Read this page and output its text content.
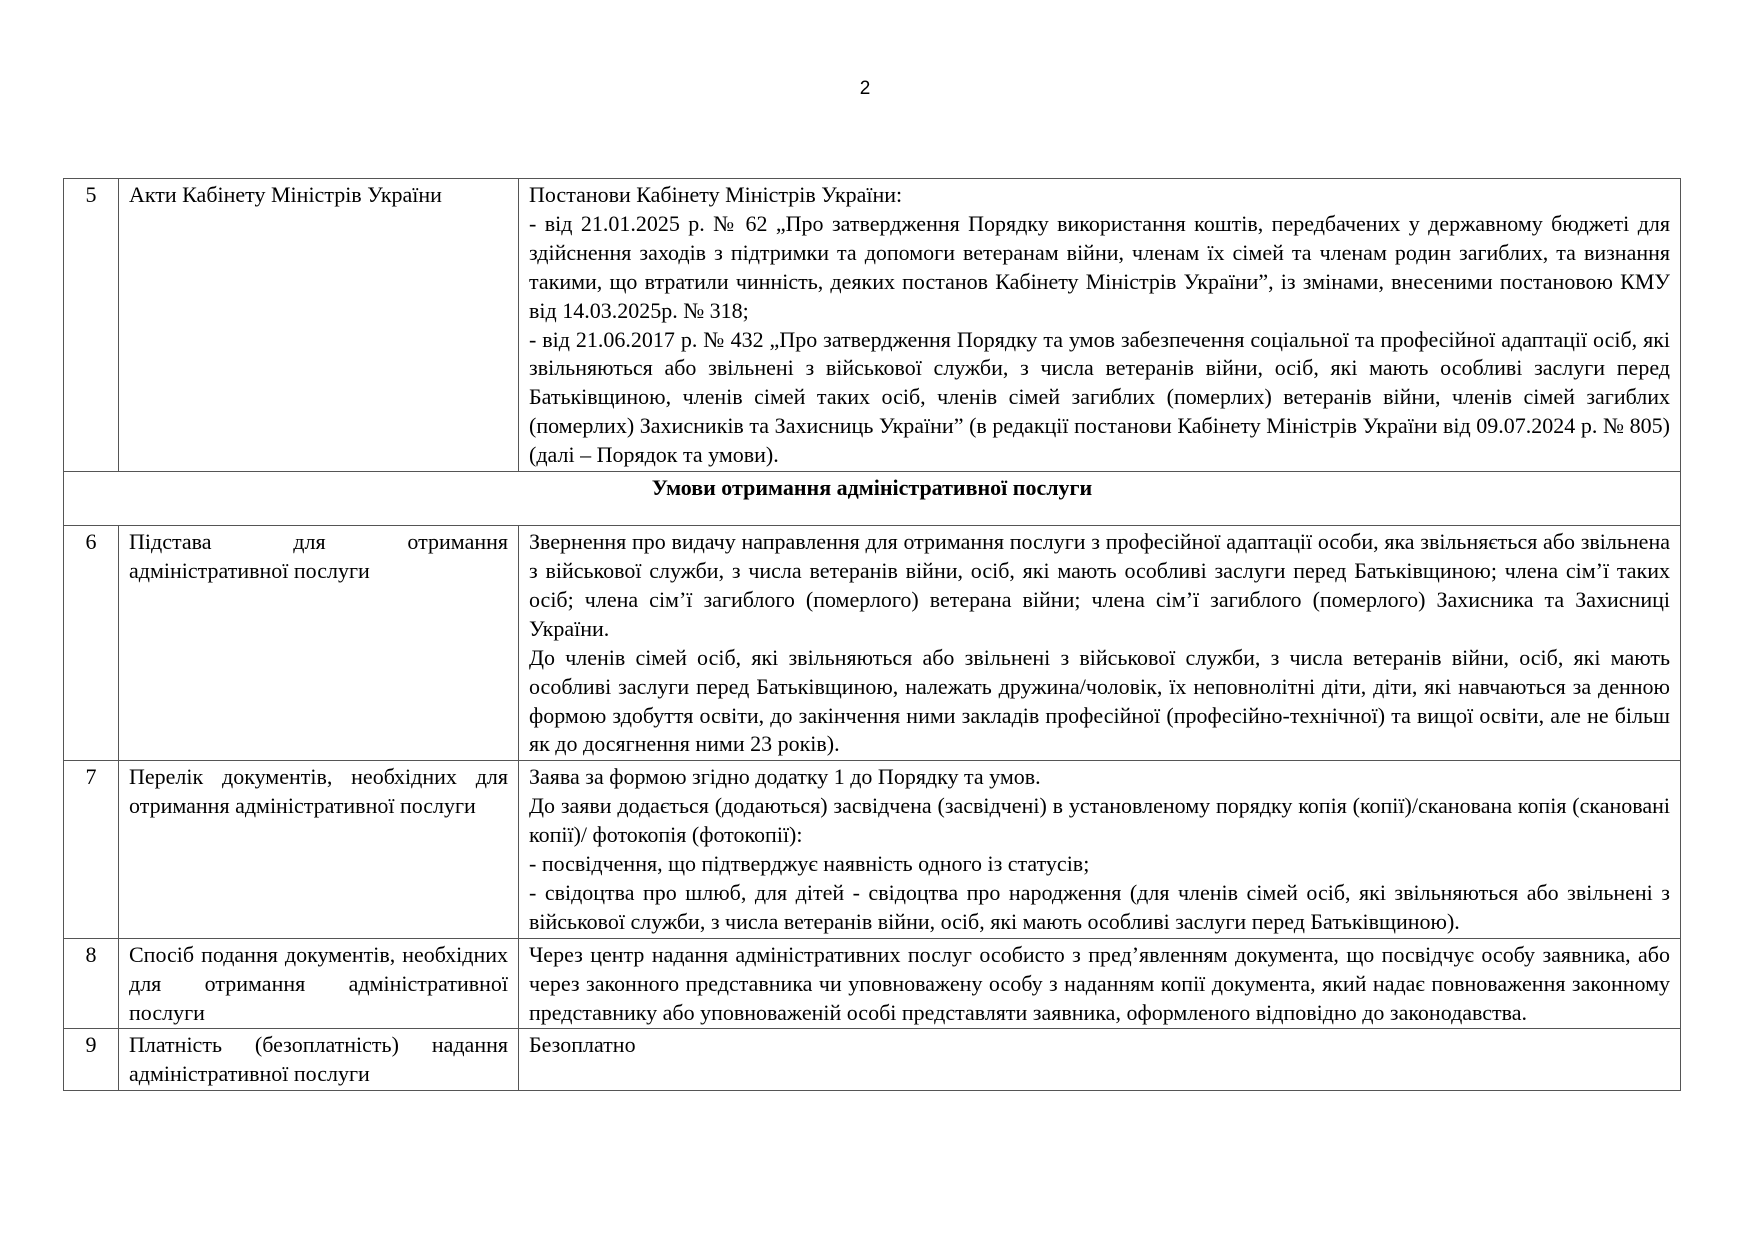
2
5	Акти Кабінету Міністрів України	Постанови Кабінету Міністрів України:

- від 21.01.2025 р. № 62 „Про затвердження Порядку використання коштів, передбачених у державному бюджеті для здійснення заходів з підтримки та допомоги ветеранам війни, членам їх сімей та членам родин загиблих, та визнання такими, що втратили чинність, деяких постанов Кабінету Міністрів України”, із змінами, внесеними постановою КМУ від 14.03.2025р. № 318;

- від 21.06.2017 р. № 432 „Про затвердження Порядку та умов забезпечення соціальної та професійної адаптації осіб, які звільняються або звільнені з військової служби, з числа ветеранів війни, осіб, які мають особливі заслуги перед Батьківщиною, членів сімей таких осіб, членів сімей загиблих (померлих) ветеранів війни, членів сімей загиблих (померлих) Захисників та Захисниць України” (в редакції постанови Кабінету Міністрів України від 09.07.2024 р. № 805) (далі – Порядок та умови).

Умови отримання адміністративної послуги		
6	Підстава для отримання адміністративної послуги	Звернення про видачу направлення для отримання послуги з професійної адаптації особи, яка звільняється або звільнена з військової служби, з числа ветеранів війни, осіб, які мають особливі заслуги перед Батьківщиною; члена сім’ї таких осіб; члена сім’ї загиблого (померлого) ветерана війни; члена сім’ї загиблого (померлого) Захисника та Захисниці України.

До членів сімей осіб, які звільняються або звільнені з військової служби, з числа ветеранів війни, осіб, які мають особливі заслуги перед Батьківщиною, належать дружина/чоловік, їх неповнолітні діти, діти, які навчаються за денною формою здобуття освіти, до закінчення ними закладів професійної (професійно-технічної) та вищої освіти, але не більш як до досягнення ними 23 років).

7	Перелік документів, необхідних для отримання адміністративної послуги	Заява за формою згідно додатку 1 до Порядку та умов.

До заяви додається (додаються) засвідчена (засвідчені) в установленому порядку копія (копії)/сканована копія (скановані копії)/ фотокопія (фотокопії):

- посвідчення, що підтверджує наявність одного із статусів;

- свідоцтва про шлюб, для дітей - свідоцтва про народження (для членів сімей осіб, які звільняються або звільнені з військової служби, з числа ветеранів війни, осіб, які мають особливі заслуги перед Батьківщиною).

8	Спосіб подання документів, необхідних для отримання адміністративної послуги	Через центр надання адміністративних послуг особисто з пред’явленням документа, що посвідчує особу заявника, або через законного представника чи уповноважену особу з наданням копії документа, який надає повноваження законному представнику або уповноваженій особі представляти заявника, оформленого відповідно до законодавства.

9	Платність (безоплатність) надання адміністративної послуги	Безоплатно
